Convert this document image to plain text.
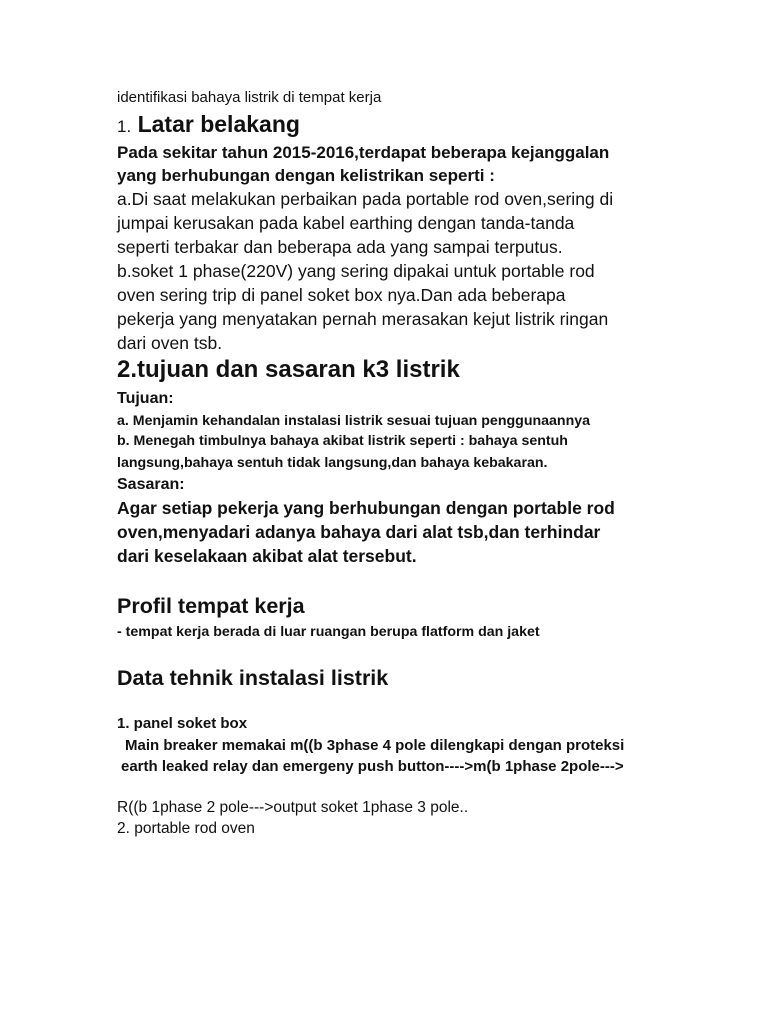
identifikasi bahaya listrik di tempat kerja
1. Latar belakang
Pada sekitar tahun 2015-2016,terdapat beberapa kejanggalan
yang berhubungan dengan kelistrikan seperti :
a.Di saat melakukan perbaikan pada portable rod oven,sering di
jumpai kerusakan pada kabel earthing dengan tanda-tanda
seperti terbakar dan beberapa ada yang sampai terputus.
b.soket 1 phase(220V) yang sering dipakai untuk portable rod
oven sering trip di panel soket box nya.Dan ada beberapa
pekerja yang menyatakan pernah merasakan kejut listrik ringan
dari oven tsb.
2.tujuan dan sasaran k3 listrik
Tujuan:
a. Menjamin kehandalan instalasi listrik sesuai tujuan penggunaannya
b. Menegah timbulnya bahaya akibat listrik seperti : bahaya sentuh
langsung,bahaya sentuh tidak langsung,dan bahaya kebakaran.
Sasaran:
Agar setiap pekerja yang berhubungan dengan portable rod
oven,menyadari adanya bahaya dari alat tsb,dan terhindar
dari keselakaan akibat alat tersebut.
Profil tempat kerja
- tempat kerja berada di luar ruangan berupa flatform dan jaket
Data tehnik instalasi listrik
1. panel soket box
Main breaker memakai m((b 3phase 4 pole dilengkapi dengan proteksi
earth leaked relay dan emergeny push button---->m(b 1phase 2pole--->
R((b 1phase 2 pole--->output soket 1phase 3 pole..
2. portable rod oven
